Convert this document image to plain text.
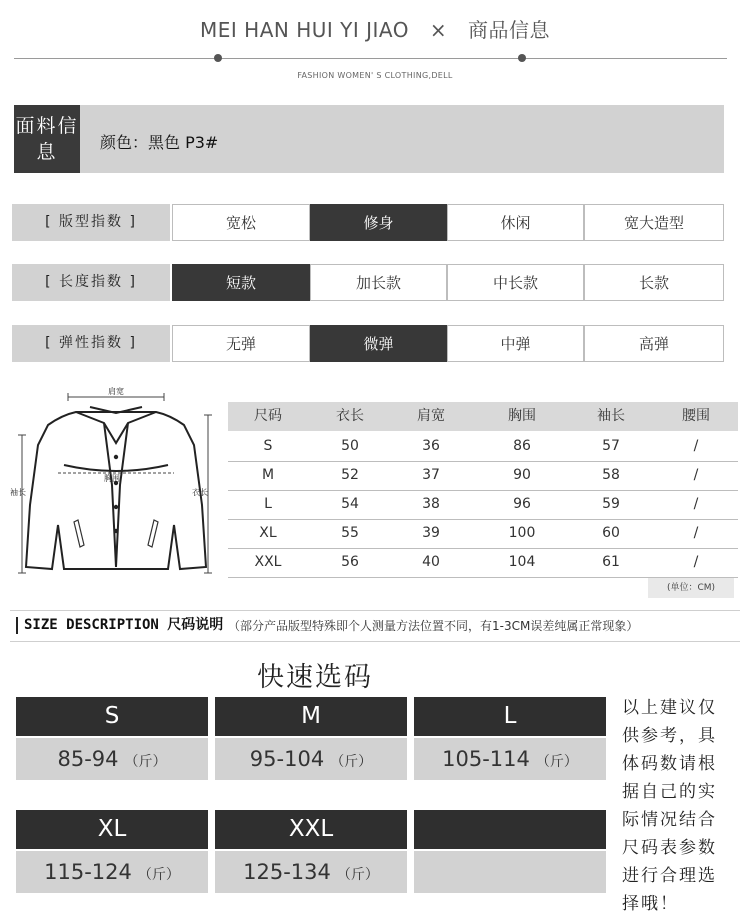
MEI HAN HUI YI JIAO × 商品信息
FASHION WOMEN' S CLOTHING,DELL
面料信息	颜色：黑色 P3#
肩宽
胸围
袖长	衣长
(单位：CM)
SIZE DESCRIPTION 尺码说明 （部分产品版型特殊即个人测量方法位置不同，有1-3CM误差纯属正常现象）
快速选码
以上建议仅供参考，具体码数请根据自己的实际情况结合尺码表参数进行合理选择哦！
[ 版型指数 ]	宽松	修身	休闲	宽大造型
[ 长度指数 ]	短款	加长款	中长款	长款
[ 弹性指数 ]	无弹	微弹	中弹	高弹
尺码	衣长	肩宽	胸围	袖长	腰围
S	50	36	86	57	/
M	52	37	90	58	/
L	54	38	96	59	/
XL	55	39	100	60	/
XXL	56	40	104	61	/
S
85-94 （斤）
M
95-104 （斤）
L
105-114 （斤）
XL
115-124 （斤）
XXL
125-134 （斤）
